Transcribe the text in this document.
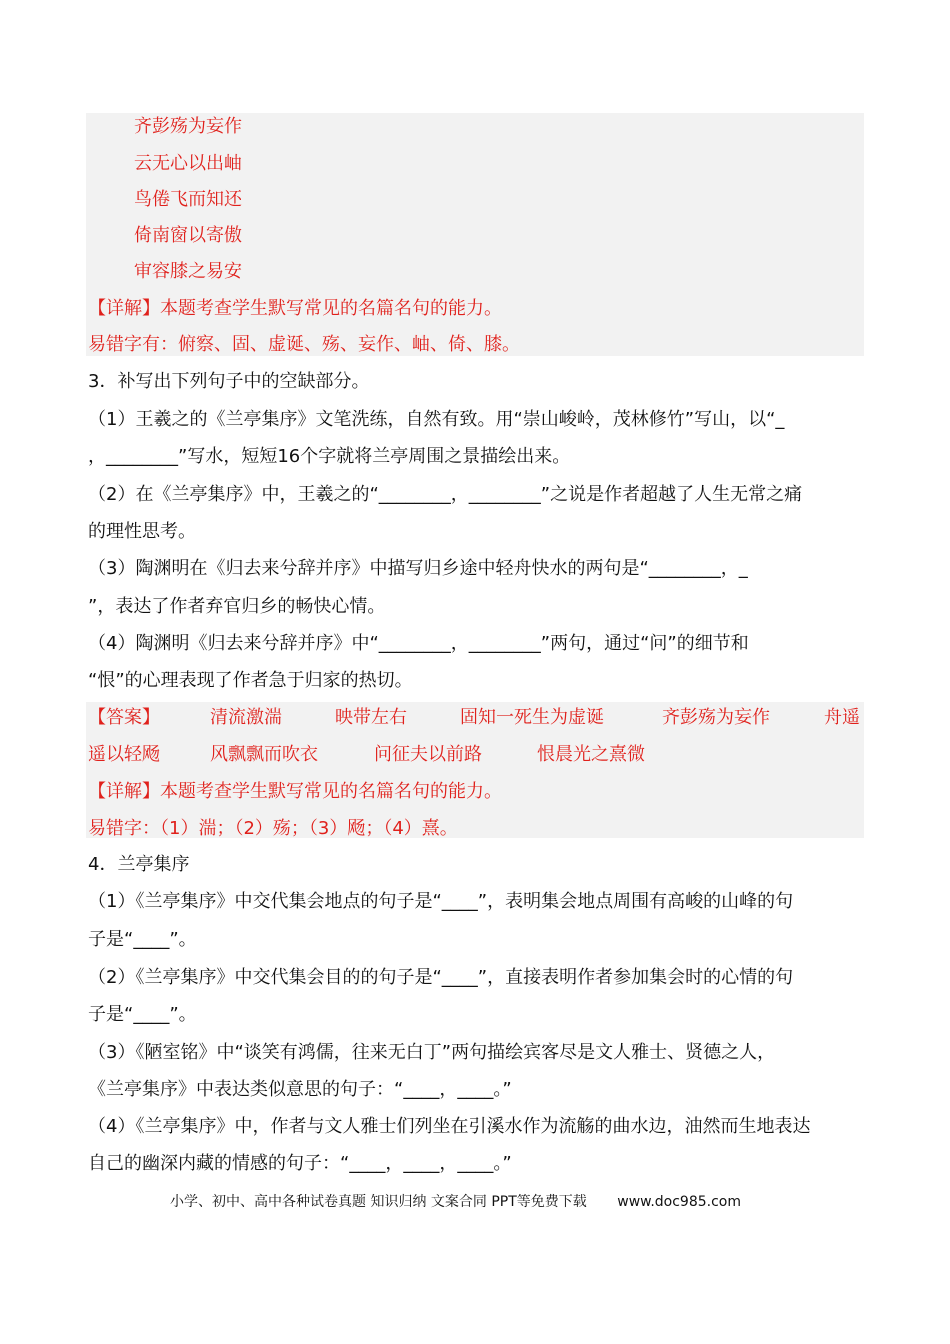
齐彭殇为妄作
云无心以出岫
鸟倦飞而知还
倚南窗以寄傲
审容膝之易安
【详解】本题考查学生默写常见的名篇名句的能力。
易错字有：俯察、固、虚诞、殇、妄作、岫、倚、膝。
3．补写出下列句子中的空缺部分。
（1）王羲之的《兰亭集序》文笔洗练，自然有致。用“崇山峻岭，茂林修竹”写山，以“_
，________”写水，短短16个字就将兰亭周围之景描绘出来。
（2）在《兰亭集序》中，王羲之的“________，________”之说是作者超越了人生无常之痛
的理性思考。
（3）陶渊明在《归去来兮辞并序》中描写归乡途中轻舟快水的两句是“________，_
”，表达了作者弃官归乡的畅快心情。
（4）陶渊明《归去来兮辞并序》中“________，________”两句，通过“问”的细节和
“恨”的心理表现了作者急于归家的热切。
【答案】	清流激湍	映带左右	固知一死生为虚诞	齐彭殇为妄作	舟遥
遥以轻飏	风飘飘而吹衣	问征夫以前路	恨晨光之熹微
【详解】本题考查学生默写常见的名篇名句的能力。
易错字：（1）湍；（2）殇；（3）飏；（4）熹。
4．兰亭集序
（1）《兰亭集序》中交代集会地点的句子是“____”，表明集会地点周围有高峻的山峰的句
子是“____”。
（2）《兰亭集序》中交代集会目的的句子是“____”，直接表明作者参加集会时的心情的句
子是“____”。
（3）《陋室铭》中“谈笑有鸿儒，往来无白丁”两句描绘宾客尽是文人雅士、贤德之人，
《兰亭集序》中表达类似意思的句子：“____，____。”
（4）《兰亭集序》中，作者与文人雅士们列坐在引溪水作为流觞的曲水边，油然而生地表达
自己的幽深内藏的情感的句子：“____，____，____。”
小学、初中、高中各种试卷真题 知识归纳 文案合同 PPT等免费下载 www.doc985.com
